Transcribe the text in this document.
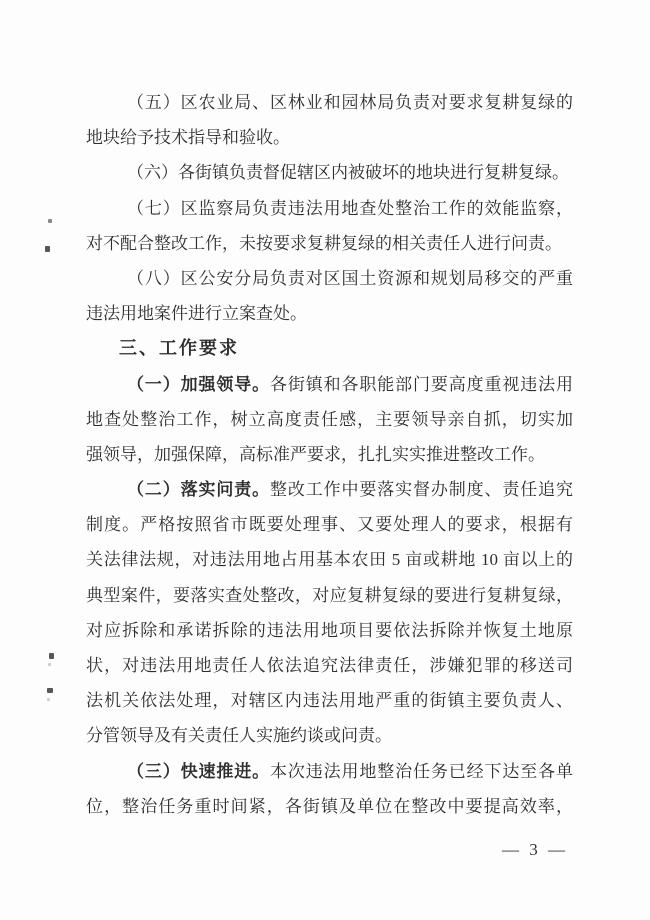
（五）区农业局、区林业和园林局负责对要求复耕复绿的
地块给予技术指导和验收。
（六）各街镇负责督促辖区内被破坏的地块进行复耕复绿。
（七）区监察局负责违法用地查处整治工作的效能监察，
对不配合整改工作，未按要求复耕复绿的相关责任人进行问责。
（八）区公安分局负责对区国土资源和规划局移交的严重
违法用地案件进行立案查处。
三、工作要求
（一）加强领导。各街镇和各职能部门要高度重视违法用
地查处整治工作，树立高度责任感，主要领导亲自抓，切实加
强领导，加强保障，高标准严要求，扎扎实实推进整改工作。
（二）落实问责。整改工作中要落实督办制度、责任追究
制度。严格按照省市既要处理事、又要处理人的要求，根据有
关法律法规，对违法用地占用基本农田 5 亩或耕地 10 亩以上的
典型案件，要落实查处整改，对应复耕复绿的要进行复耕复绿，
对应拆除和承诺拆除的违法用地项目要依法拆除并恢复土地原
状，对违法用地责任人依法追究法律责任，涉嫌犯罪的移送司
法机关依法处理，对辖区内违法用地严重的街镇主要负责人、
分管领导及有关责任人实施约谈或问责。
（三）快速推进。本次违法用地整治任务已经下达至各单
位，整治任务重时间紧，各街镇及单位在整改中要提高效率，
— 3 —
